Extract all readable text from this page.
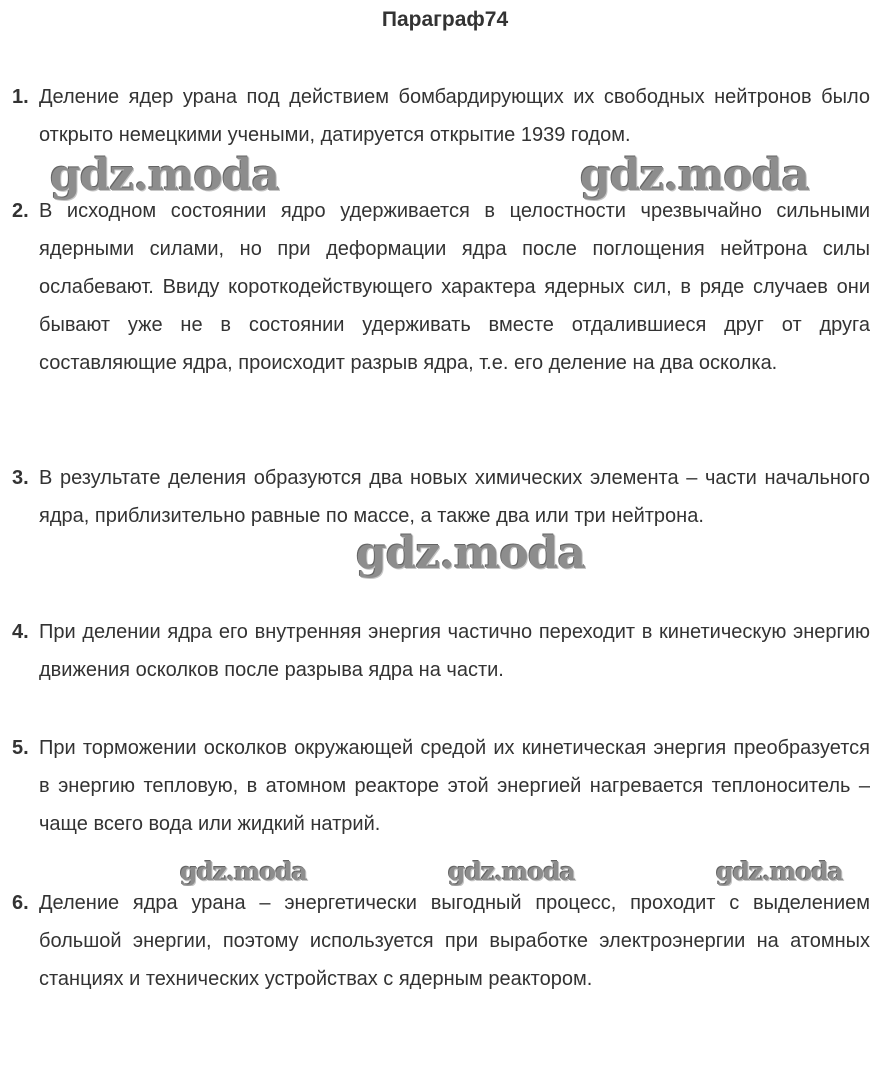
Параграф74
1. Деление ядер урана под действием бомбардирующих их свободных нейтронов было открыто немецкими учеными, датируется открытие 1939 годом.
2. В исходном состоянии ядро удерживается в целостности чрезвычайно сильными ядерными силами, но при деформации ядра после поглощения нейтрона силы ослабевают. Ввиду короткодействующего характера ядерных сил, в ряде случаев они бывают уже не в состоянии удерживать вместе отдалившиеся друг от друга составляющие ядра, происходит разрыв ядра, т.е. его деление на два осколка.
3. В результате деления образуются два новых химических элемента – части начального ядра, приблизительно равные по массе, а также два или три нейтрона.
4. При делении ядра его внутренняя энергия частично переходит в кинетическую энергию движения осколков после разрыва ядра на части.
5. При торможении осколков окружающей средой их кинетическая энергия преобразуется в энергию тепловую, в атомном реакторе этой энергией нагревается теплоноситель – чаще всего вода или жидкий натрий.
6. Деление ядра урана – энергетически выгодный процесс, проходит с выделением большой энергии, поэтому используется при выработке электроэнергии на атомных станциях и технических устройствах с ядерным реактором.
gdz.moda	gdz.moda
gdz.moda
gdz.moda	gdz.moda	gdz.moda
